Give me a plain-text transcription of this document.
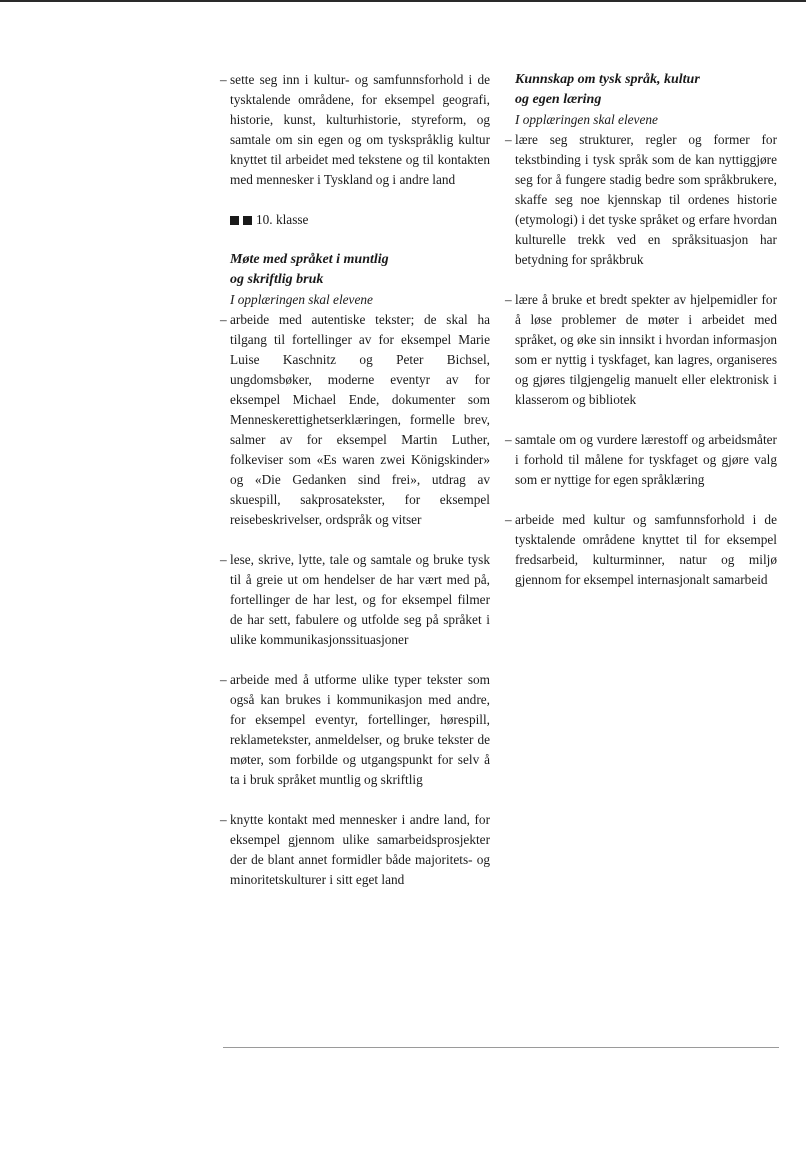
– sette seg inn i kultur- og samfunnsforhold i de tysktalende områdene, for eksempel geografi, historie, kunst, kulturhistorie, styreform, og samtale om sin egen og om tyskspråklig kultur knyttet til arbeidet med tekstene og til kontakten med mennesker i Tyskland og i andre land

10. klasse

Møte med språket i muntlig
og skriftlig bruk

I opplæringen skal elevene

– arbeide med autentiske tekster; de skal ha tilgang til fortellinger av for eksempel Marie Luise Kaschnitz og Peter Bichsel, ungdomsbøker, moderne eventyr av for eksempel Michael Ende, dokumenter som Menneskerettighetserklæringen, formelle brev, salmer av for eksempel Martin Luther, folkeviser som «Es waren zwei Königskinder» og «Die Gedanken sind frei», utdrag av skuespill, sakprosatekster, for eksempel reisebeskrivelser, ordspråk og vitser

– lese, skrive, lytte, tale og samtale og bruke tysk til å greie ut om hendelser de har vært med på, fortellinger de har lest, og for eksempel filmer de har sett, fabulere og utfolde seg på språket i ulike kommunikasjonssituasjoner

– arbeide med å utforme ulike typer tekster som også kan brukes i kommunikasjon med andre, for eksempel eventyr, fortellinger, hørespill, reklametekster, anmeldelser, og bruke tekster de møter, som forbilde og utgangspunkt for selv å ta i bruk språket muntlig og skriftlig

– knytte kontakt med mennesker i andre land, for eksempel gjennom ulike samarbeidsprosjekter der de blant annet formidler både majoritets- og minoritetskulturer i sitt eget land

Kunnskap om tysk språk, kultur
og egen læring

I opplæringen skal elevene

– lære seg strukturer, regler og former for tekstbinding i tysk språk som de kan nyttiggjøre seg for å fungere stadig bedre som språkbrukere, skaffe seg noe kjennskap til ordenes historie (etymologi) i det tyske språket og erfare hvordan kulturelle trekk ved en språksituasjon har betydning for språkbruk

– lære å bruke et bredt spekter av hjelpemidler for å løse problemer de møter i arbeidet med språket, og øke sin innsikt i hvordan informasjon som er nyttig i tyskfaget, kan lagres, organiseres og gjøres tilgjengelig manuelt eller elektronisk i klasserom og bibliotek

– samtale om og vurdere lærestoff og arbeidsmåter i forhold til målene for tyskfaget og gjøre valg som er nyttige for egen språklæring

– arbeide med kultur og samfunnsforhold i de tysktalende områdene knyttet til for eksempel fredsarbeid, kulturminner, natur og miljø gjennom for eksempel internasjonalt samarbeid
